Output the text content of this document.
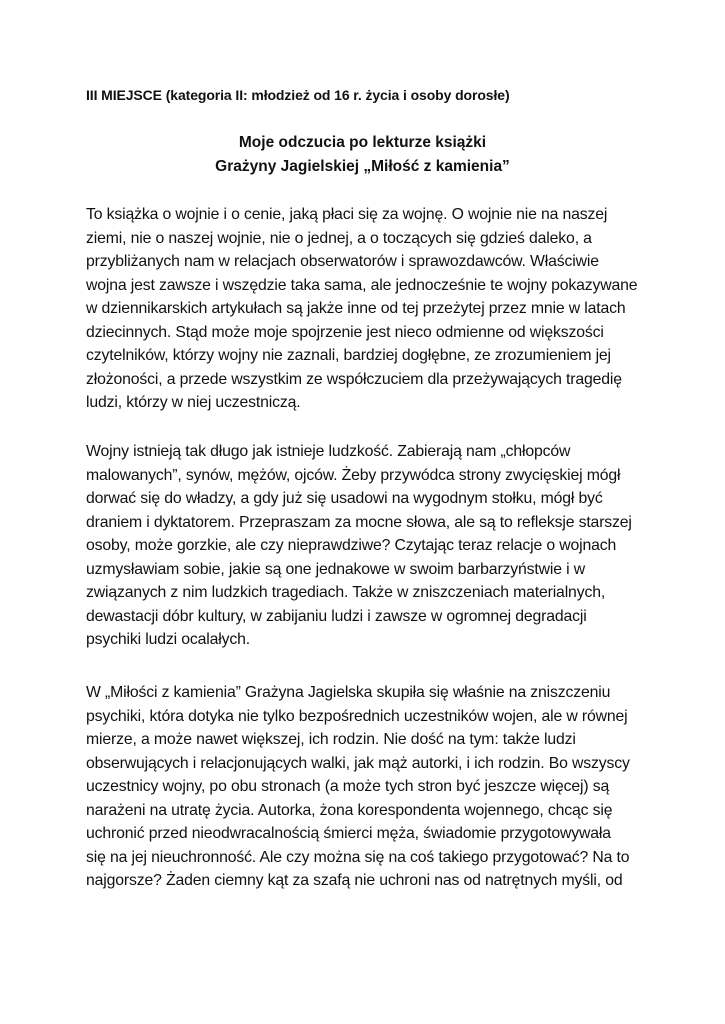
III MIEJSCE (kategoria II: młodzież od 16 r. życia i osoby dorosłe)
Moje odczucia po lekturze książki
Grażyny Jagielskiej „Miłość z kamienia”
To książka o wojnie i o cenie, jaką płaci się za wojnę. O wojnie nie na naszej
ziemi, nie o naszej wojnie, nie o jednej, a o toczących się gdzieś daleko, a
przybliżanych nam w relacjach obserwatorów i sprawozdawców. Właściwie
wojna jest zawsze i wszędzie taka sama, ale jednocześnie te wojny pokazywane
w dziennikarskich artykułach są jakże inne od tej przeżytej przez mnie w latach
dziecinnych. Stąd może moje spojrzenie jest nieco odmienne od większości
czytelników, którzy wojny nie zaznali, bardziej dogłębne, ze zrozumieniem jej
złożoności, a przede wszystkim ze współczuciem dla przeżywających tragedię
ludzi, którzy w niej uczestniczą.
Wojny istnieją tak długo jak istnieje ludzkość. Zabierają nam „chłopców
malowanych”, synów, mężów, ojców. Żeby przywódca strony zwycięskiej mógł
dorwać się do władzy, a gdy już się usadowi na wygodnym stołku, mógł być
draniem i dyktatorem. Przepraszam za mocne słowa, ale są to refleksje starszej
osoby, może gorzkie, ale czy nieprawdziwe? Czytając teraz relacje o wojnach
uzmysławiam sobie, jakie są one jednakowe w swoim barbarzyństwie i w
związanych z nim ludzkich tragediach. Także w zniszczeniach materialnych,
dewastacji dóbr kultury, w zabijaniu ludzi i zawsze w ogromnej degradacji
psychiki ludzi ocalałych.
W „Miłości z kamienia” Grażyna Jagielska skupiła się właśnie na zniszczeniu
psychiki, która dotyka nie tylko bezpośrednich uczestników wojen, ale w równej
mierze, a może nawet większej, ich rodzin. Nie dość na tym: także ludzi
obserwujących i relacjonujących walki, jak mąż autorki, i ich rodzin. Bo wszyscy
uczestnicy wojny, po obu stronach (a może tych stron być jeszcze więcej) są
narażeni na utratę życia. Autorka, żona korespondenta wojennego, chcąc się
uchronić przed nieodwracalnością śmierci męża, świadomie przygotowywała
się na jej nieuchronność. Ale czy można się na coś takiego przygotować? Na to
najgorsze? Żaden ciemny kąt za szafą nie uchroni nas od natrętnych myśli, od
